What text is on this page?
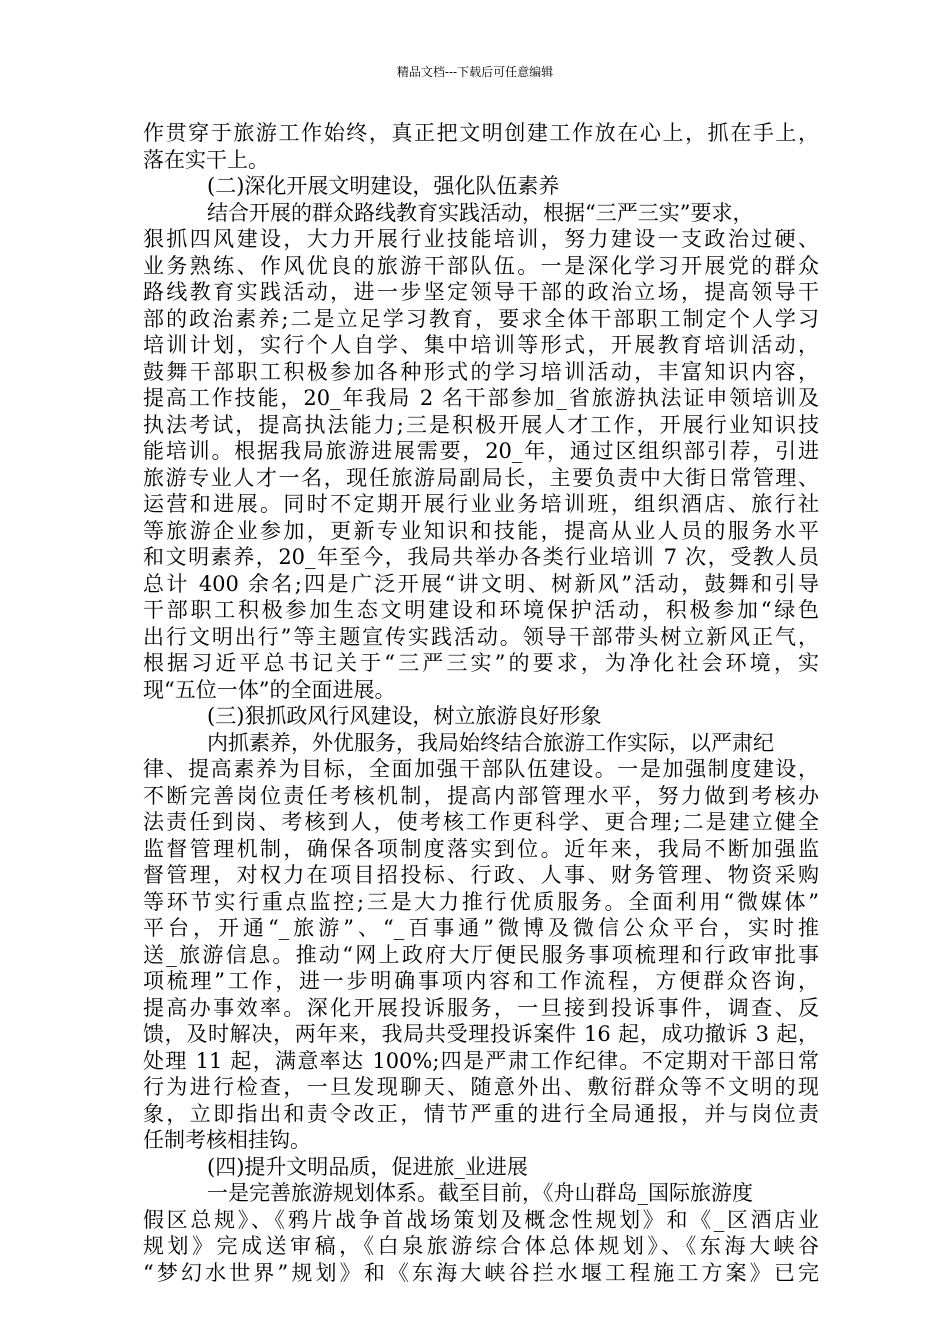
精品文档---下载后可任意编辑
作贯穿于旅游工作始终，真正把文明创建工作放在心上，抓在手上，
落在实干上。
(二)深化开展文明建设，强化队伍素养
结合开展的群众路线教育实践活动，根据“三严三实”要求，
狠抓四风建设，大力开展行业技能培训，努力建设一支政治过硬、
业务熟练、作风优良的旅游干部队伍。一是深化学习开展党的群众
路线教育实践活动，进一步坚定领导干部的政治立场，提高领导干
部的政治素养;二是立足学习教育，要求全体干部职工制定个人学习
培训计划，实行个人自学、集中培训等形式，开展教育培训活动，
鼓舞干部职工积极参加各种形式的学习培训活动，丰富知识内容，
提高工作技能，20_年我局 2 名干部参加_省旅游执法证申领培训及
执法考试，提高执法能力;三是积极开展人才工作，开展行业知识技
能培训。根据我局旅游进展需要，20_年，通过区组织部引荐，引进
旅游专业人才一名，现任旅游局副局长，主要负责中大街日常管理、
运营和进展。同时不定期开展行业业务培训班，组织酒店、旅行社
等旅游企业参加，更新专业知识和技能，提高从业人员的服务水平
和文明素养，20_年至今，我局共举办各类行业培训 7 次，受教人员
总计 400 余名;四是广泛开展“讲文明、树新风”活动，鼓舞和引导
干部职工积极参加生态文明建设和环境保护活动，积极参加“绿色
出行文明出行”等主题宣传实践活动。领导干部带头树立新风正气，
根据习近平总书记关于“三严三实”的要求，为净化社会环境，实
现“五位一体”的全面进展。
(三)狠抓政风行风建设，树立旅游良好形象
内抓素养，外优服务，我局始终结合旅游工作实际，以严肃纪
律、提高素养为目标，全面加强干部队伍建设。一是加强制度建设，
不断完善岗位责任考核机制，提高内部管理水平，努力做到考核办
法责任到岗、考核到人，使考核工作更科学、更合理;二是建立健全
监督管理机制，确保各项制度落实到位。近年来，我局不断加强监
督管理，对权力在项目招投标、行政、人事、财务管理、物资采购
等环节实行重点监控;三是大力推行优质服务。全面利用“微媒体”
平台，开通“_旅游”、“_百事通”微博及微信公众平台，实时推
送_旅游信息。推动“网上政府大厅便民服务事项梳理和行政审批事
项梳理”工作，进一步明确事项内容和工作流程，方便群众咨询，
提高办事效率。深化开展投诉服务，一旦接到投诉事件，调查、反
馈，及时解决，两年来，我局共受理投诉案件 16 起，成功撤诉 3 起，
处理 11 起，满意率达 100%;四是严肃工作纪律。不定期对干部日常
行为进行检查，一旦发现聊天、随意外出、敷衍群众等不文明的现
象，立即指出和责令改正，情节严重的进行全局通报，并与岗位责
任制考核相挂钩。
(四)提升文明品质，促进旅_业进展
一是完善旅游规划体系。截至目前，《舟山群岛_国际旅游度
假区总规》、《鸦片战争首战场策划及概念性规划》和《_区酒店业
规划》完成送审稿，《白泉旅游综合体总体规划》、《东海大峡谷
“梦幻水世界”规划》和《东海大峡谷拦水堰工程施工方案》已完
